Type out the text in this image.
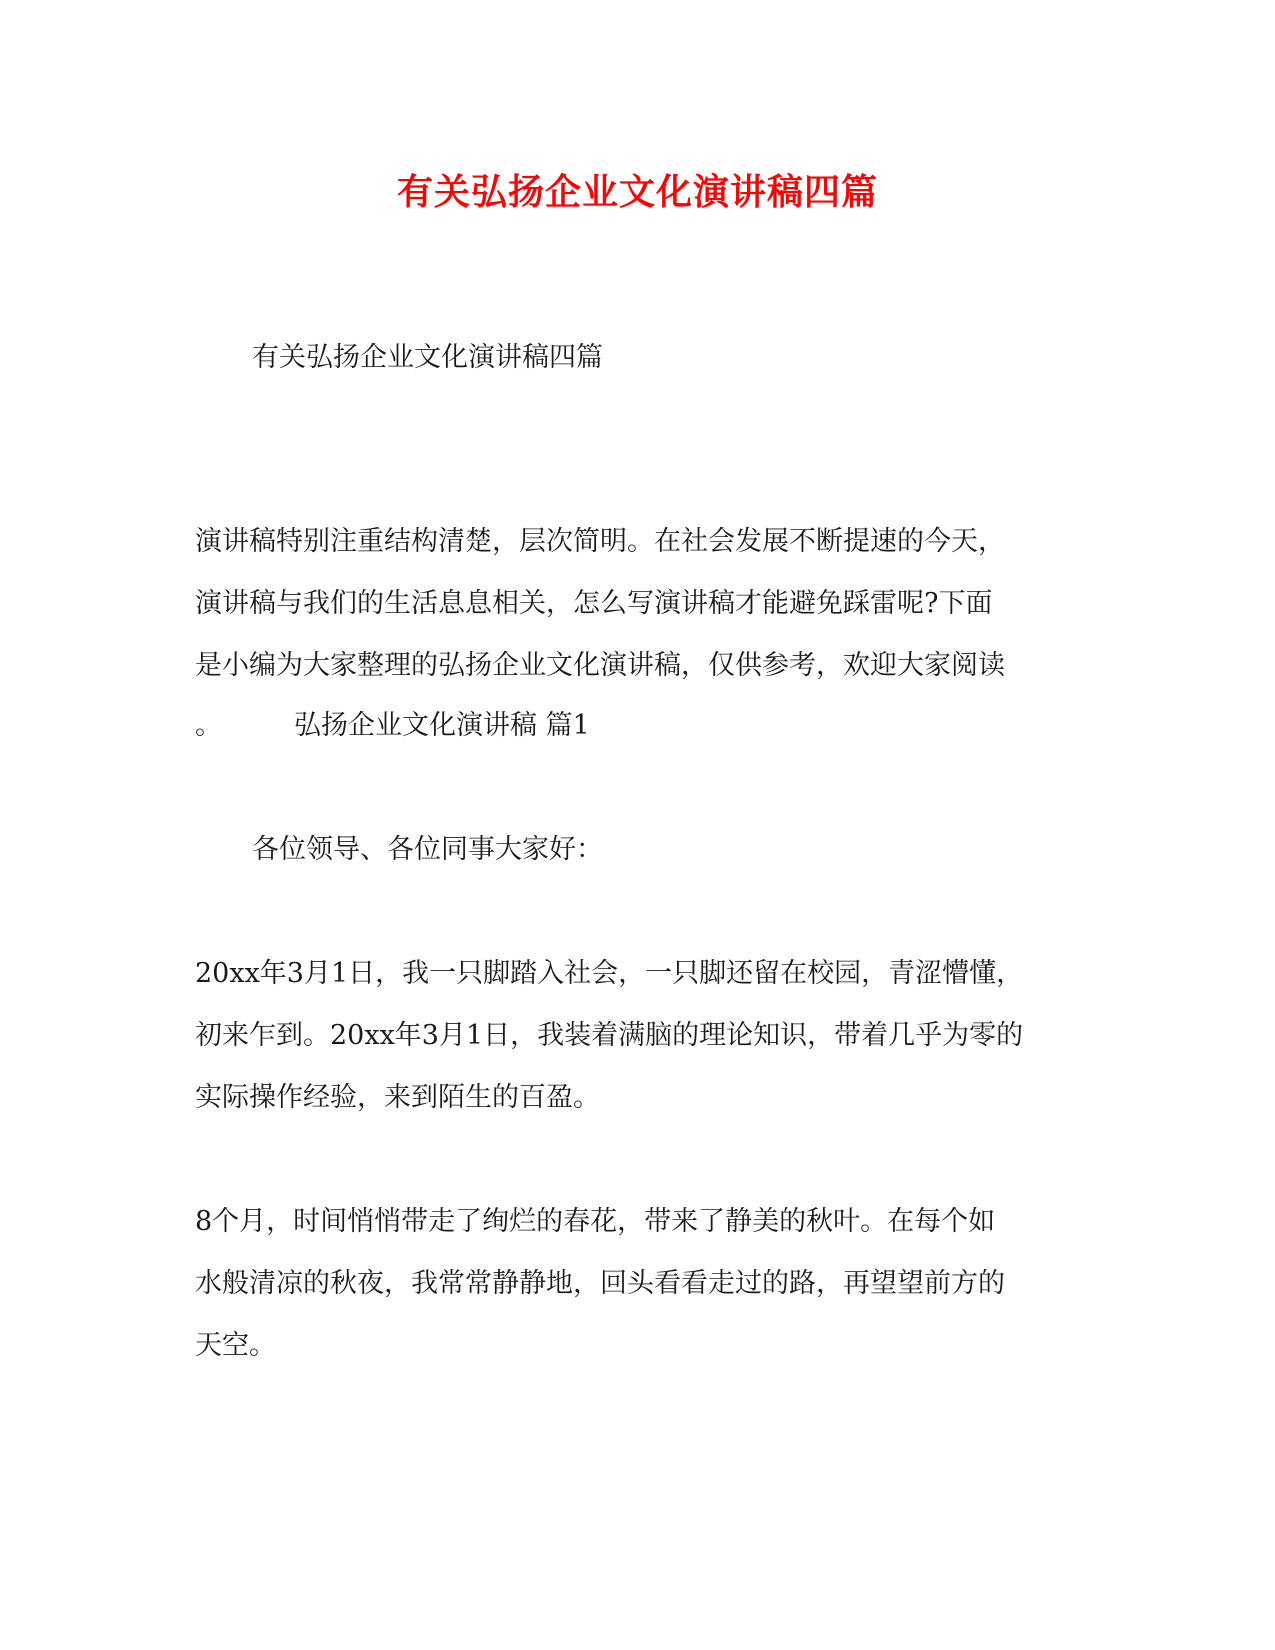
有关弘扬企业文化演讲稿四篇

有关弘扬企业文化演讲稿四篇

演讲稿特别注重结构清楚，层次简明。在社会发展不断提速的今天，

演讲稿与我们的生活息息相关，怎么写演讲稿才能避免踩雷呢?下面

是小编为大家整理的弘扬企业文化演讲稿，仅供参考，欢迎大家阅读

。	弘扬企业文化演讲稿 篇1

各位领导、各位同事大家好：

20xx年3月1日，我一只脚踏入社会，一只脚还留在校园，青涩懵懂，

初来乍到。20xx年3月1日，我装着满脑的理论知识，带着几乎为零的

实际操作经验，来到陌生的百盈。

8个月，时间悄悄带走了绚烂的春花，带来了静美的秋叶。在每个如

水般清凉的秋夜，我常常静静地，回头看看走过的路，再望望前方的

天空。
